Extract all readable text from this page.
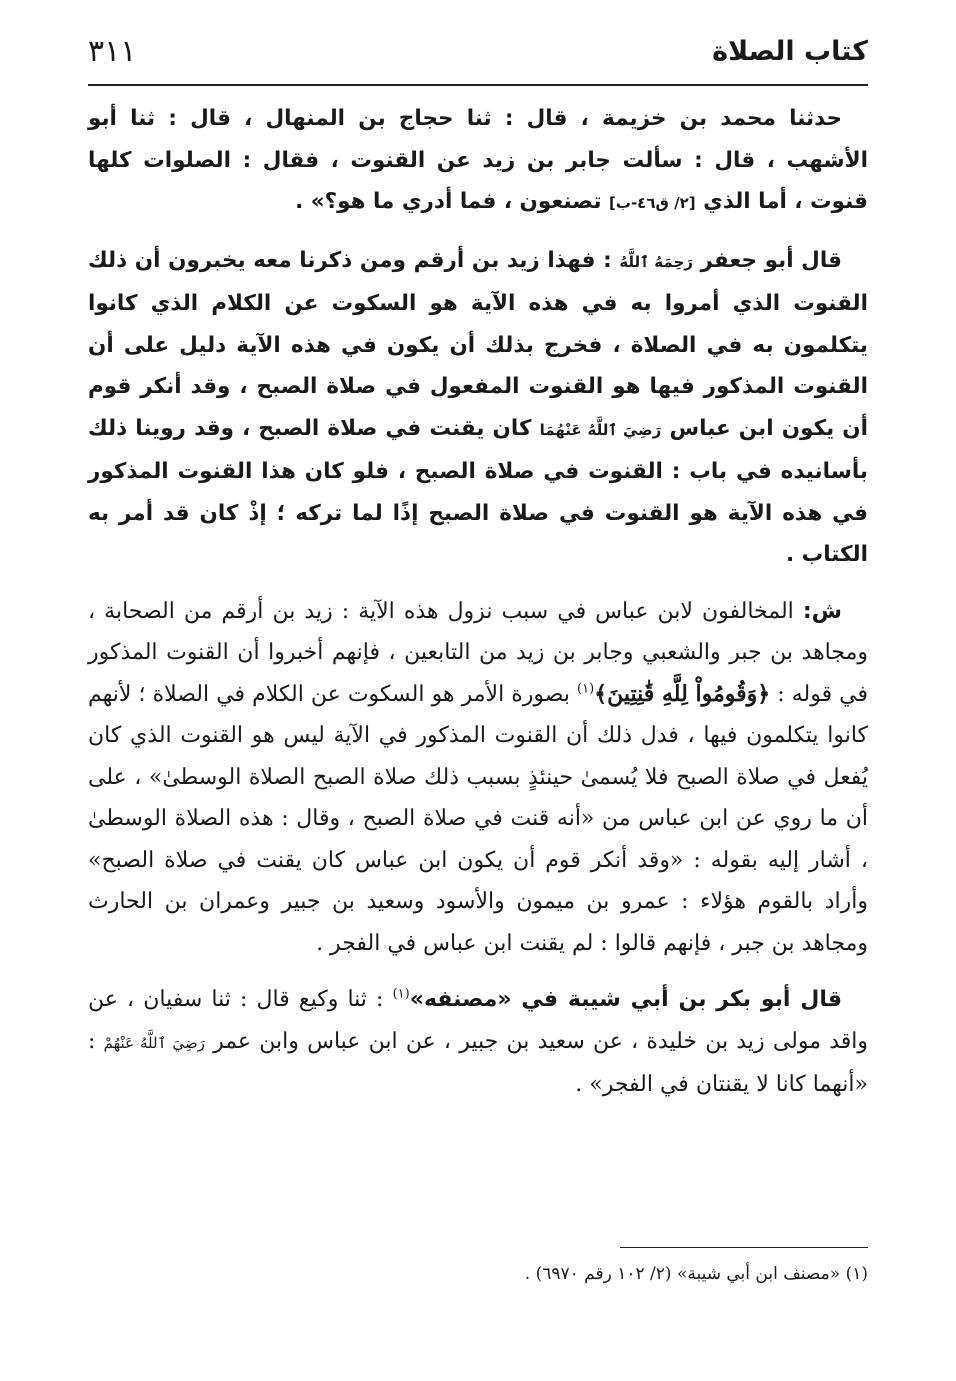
كتاب الصلاة
٣١١

حدثنا محمد بن خزيمة ، قال : ثنا حجاج بن المنهال ، قال : ثنا أبو الأشهب ، قال : سألت جابر بن زيد عن القنوت ، فقال : الصلوات كلها قنوت ، أما الذي [٢/ ق٤٦-ب] تصنعون ، فما أدري ما هو؟» .

قال أبو جعفر رَحِمَهُ ٱللَّهُ : فهذا زيد بن أرقم ومن ذكرنا معه يخبرون أن ذلك القنوت الذي أمروا به في هذه الآية هو السكوت عن الكلام الذي كانوا يتكلمون به في الصلاة ، فخرج بذلك أن يكون في هذه الآية دليل على أن القنوت المذكور فيها هو القنوت المفعول في صلاة الصبح ، وقد أنكر قوم أن يكون ابن عباس رَضِيَ ٱللَّهُ عَنْهُمَا كان يقنت في صلاة الصبح ، وقد روينا ذلك بأسانيده في باب : القنوت في صلاة الصبح ، فلو كان هذا القنوت المذكور في هذه الآية هو القنوت في صلاة الصبح إذًا لما تركه ؛ إذْ كان قد أمر به الكتاب .

ش: المخالفون لابن عباس في سبب نزول هذه الآية : زيد بن أرقم من الصحابة ، ومجاهد بن جبر والشعبي وجابر بن زيد من التابعين ، فإنهم أخبروا أن القنوت المذكور في قوله : ﴿وَقُومُواْ لِلَّهِ قَٰنِتِينَ﴾$^{(١)}$ بصورة الأمر هو السكوت عن الكلام في الصلاة ؛ لأنهم كانوا يتكلمون فيها ، فدل ذلك أن القنوت المذكور في الآية ليس هو القنوت الذي كان يُفعل في صلاة الصبح فلا يُسمىٰ حينئذٍ بسبب ذلك صلاة الصبح الصلاة الوسطىٰ» ، على أن ما روي عن ابن عباس من «أنه قنت في صلاة الصبح ، وقال : هذه الصلاة الوسطىٰ ، أشار إليه بقوله : «وقد أنكر قوم أن يكون ابن عباس كان يقنت في صلاة الصبح» وأراد بالقوم هؤلاء : عمرو بن ميمون والأسود وسعيد بن جبير وعمران بن الحارث ومجاهد بن جبر ، فإنهم قالوا : لم يقنت ابن عباس في الفجر .

قال أبو بكر بن أبي شيبة في «مصنفه»$^{(١)}$ : ثنا وكيع قال : ثنا سفيان ، عن واقد مولى زيد بن خليدة ، عن سعيد بن جبير ، عن ابن عباس وابن عمر رَضِيَ ٱللَّهُ عَنْهُمْ : «أنهما كانا لا يقنتان في الفجر» .

(١) «مصنف ابن أبي شيبة» (٢/ ١٠٢ رقم ٦٩٧٠) .
